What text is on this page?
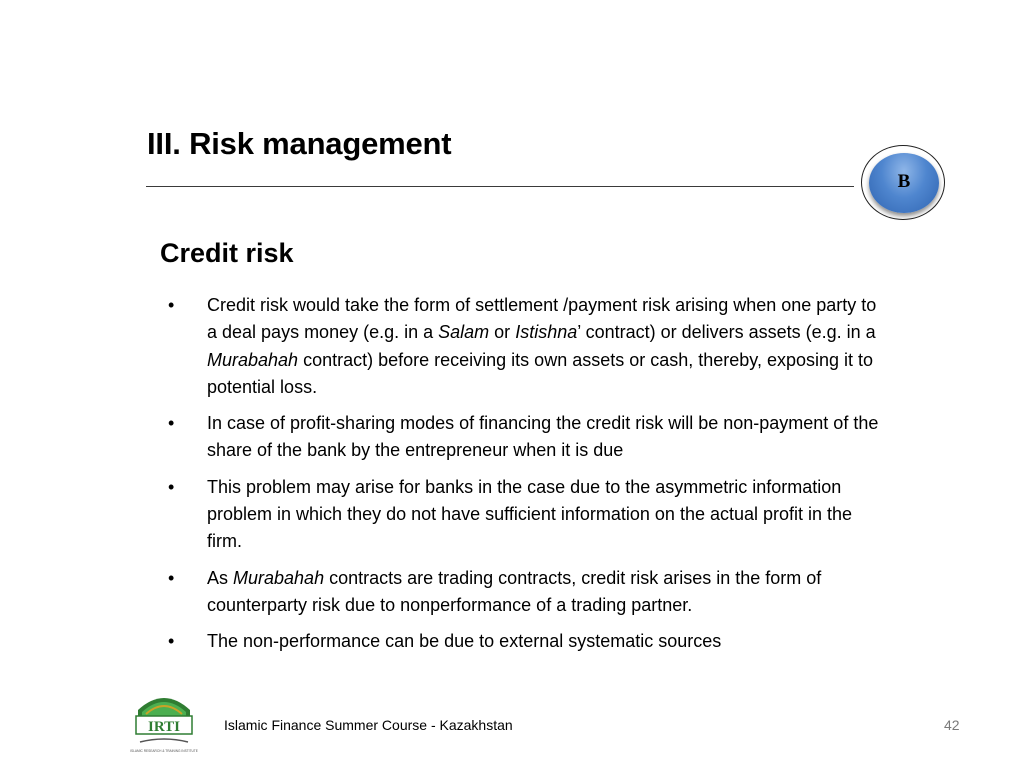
III. Risk management
B
Credit risk
• Credit risk would take the form of settlement /payment risk arising when one party to a deal pays money (e.g. in a Salam or Istishna’ contract) or delivers assets (e.g. in a Murabahah contract) before receiving its own assets or cash, thereby, exposing it to potential loss.
• In case of profit-sharing modes of financing the credit risk will be non-payment of the share of the bank by the entrepreneur when it is due
• This problem may arise for banks in the case due to the asymmetric information problem in which they do not have sufficient information on the actual profit in the firm.
• As Murabahah contracts are trading contracts, credit risk arises in the form of counterparty risk due to nonperformance of a trading partner.
• The non-performance can be due to external systematic sources
IRTI
ISLAMIC RESEARCH & TRAINING INSTITUTE
Islamic Finance Summer Course - Kazakhstan	42
